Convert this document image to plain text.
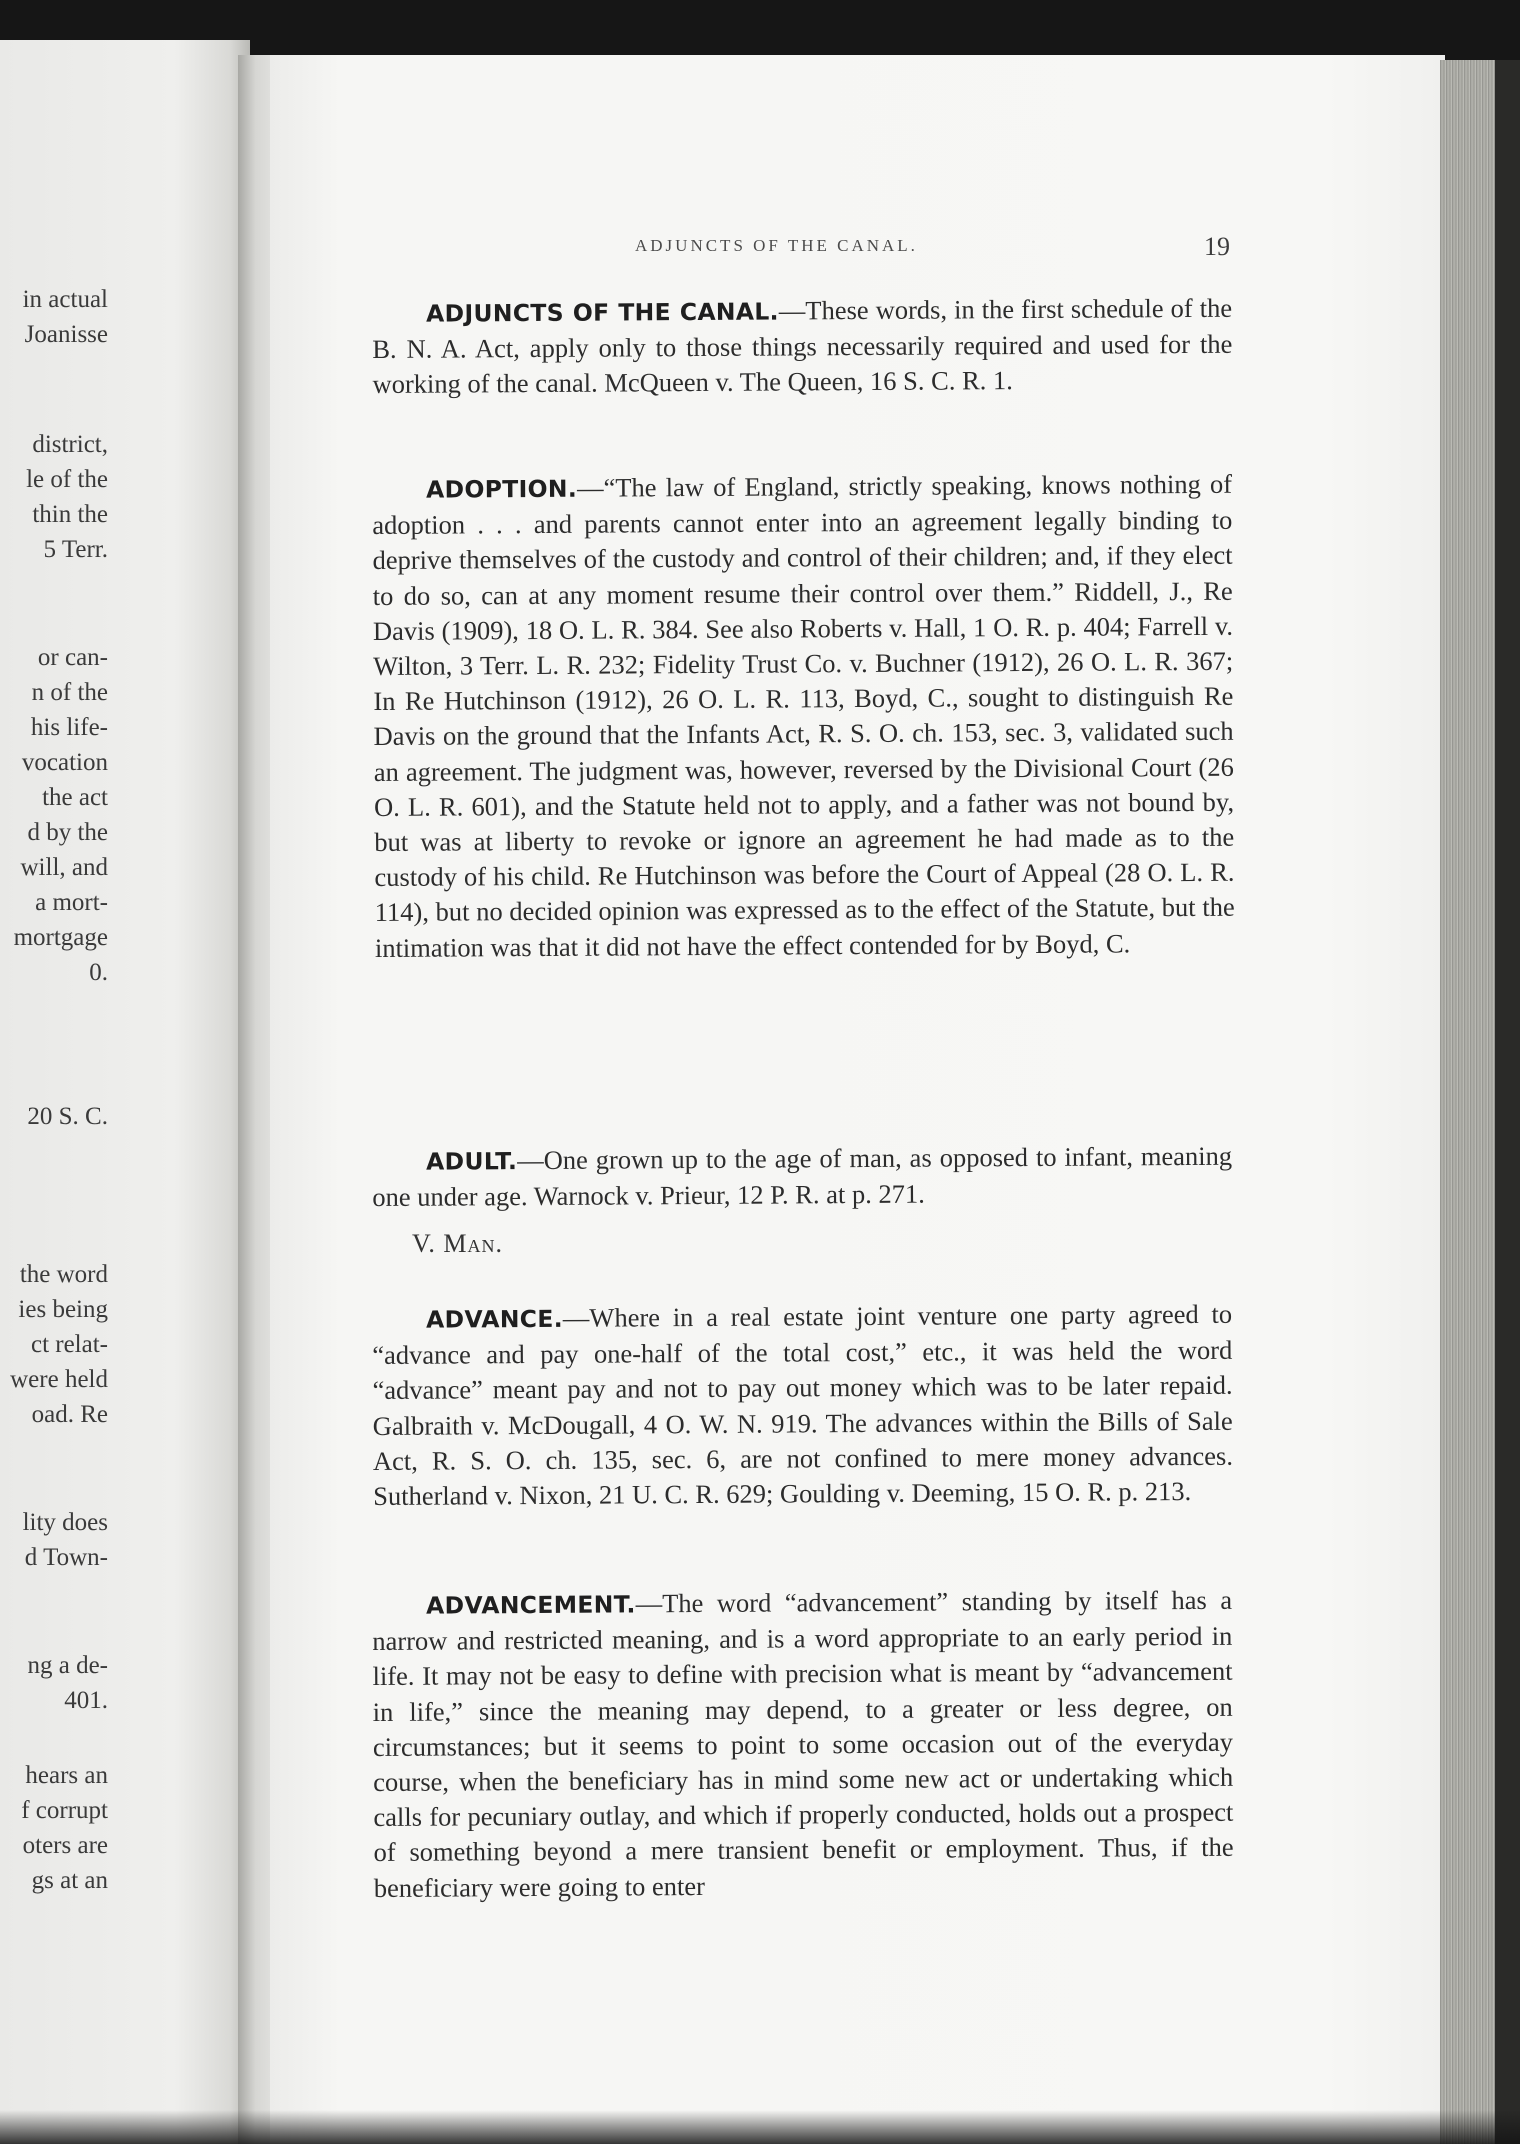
in actual
Joanisse
district,
le of the
thin the
5 Terr.
or can-
n of the
his life-
vocation
the act
d by the
will, and
a mort-
mortgage
0.
20 S. C.
the word
ies being
ct relat-
were held
oad. Re
lity does
d Town-
ng a de-
401.
hears an
f corrupt
oters are
gs at an
ADJUNCTS OF THE CANAL.	19
ADJUNCTS OF THE CANAL.—These words, in the first schedule of the B. N. A. Act, apply only to those things necessarily required and used for the working of the canal. McQueen v. The Queen, 16 S. C. R. 1.
ADOPTION.—“The law of England, strictly speaking, knows nothing of adoption . . . and parents cannot enter into an agreement legally binding to deprive themselves of the custody and control of their children; and, if they elect to do so, can at any moment resume their control over them.” Riddell, J., Re Davis (1909), 18 O. L. R. 384. See also Roberts v. Hall, 1 O. R. p. 404; Farrell v. Wilton, 3 Terr. L. R. 232; Fidelity Trust Co. v. Buchner (1912), 26 O. L. R. 367; In Re Hutchinson (1912), 26 O. L. R. 113, Boyd, C., sought to distinguish Re Davis on the ground that the Infants Act, R. S. O. ch. 153, sec. 3, validated such an agreement. The judgment was, however, reversed by the Divisional Court (26 O. L. R. 601), and the Statute held not to apply, and a father was not bound by, but was at liberty to revoke or ignore an agreement he had made as to the custody of his child. Re Hutchinson was before the Court of Appeal (28 O. L. R. 114), but no decided opinion was expressed as to the effect of the Statute, but the intimation was that it did not have the effect contended for by Boyd, C.
ADULT.—One grown up to the age of man, as opposed to infant, meaning one under age. Warnock v. Prieur, 12 P. R. at p. 271.
ADVANCE.—Where in a real estate joint venture one party agreed to “advance and pay one-half of the total cost,” etc., it was held the word “advance” meant pay and not to pay out money which was to be later repaid. Galbraith v. McDougall, 4 O. W. N. 919. The advances within the Bills of Sale Act, R. S. O. ch. 135, sec. 6, are not confined to mere money advances. Sutherland v. Nixon, 21 U. C. R. 629; Goulding v. Deeming, 15 O. R. p. 213.
ADVANCEMENT.—The word “advancement” standing by itself has a narrow and restricted meaning, and is a word appropriate to an early period in life. It may not be easy to define with precision what is meant by “advancement in life,” since the meaning may depend, to a greater or less degree, on circumstances; but it seems to point to some occasion out of the everyday course, when the beneficiary has in mind some new act or undertaking which calls for pecuniary outlay, and which if properly conducted, holds out a prospect of something beyond a mere transient benefit or employment. Thus, if the beneficiary were going to enter
V. Man.
